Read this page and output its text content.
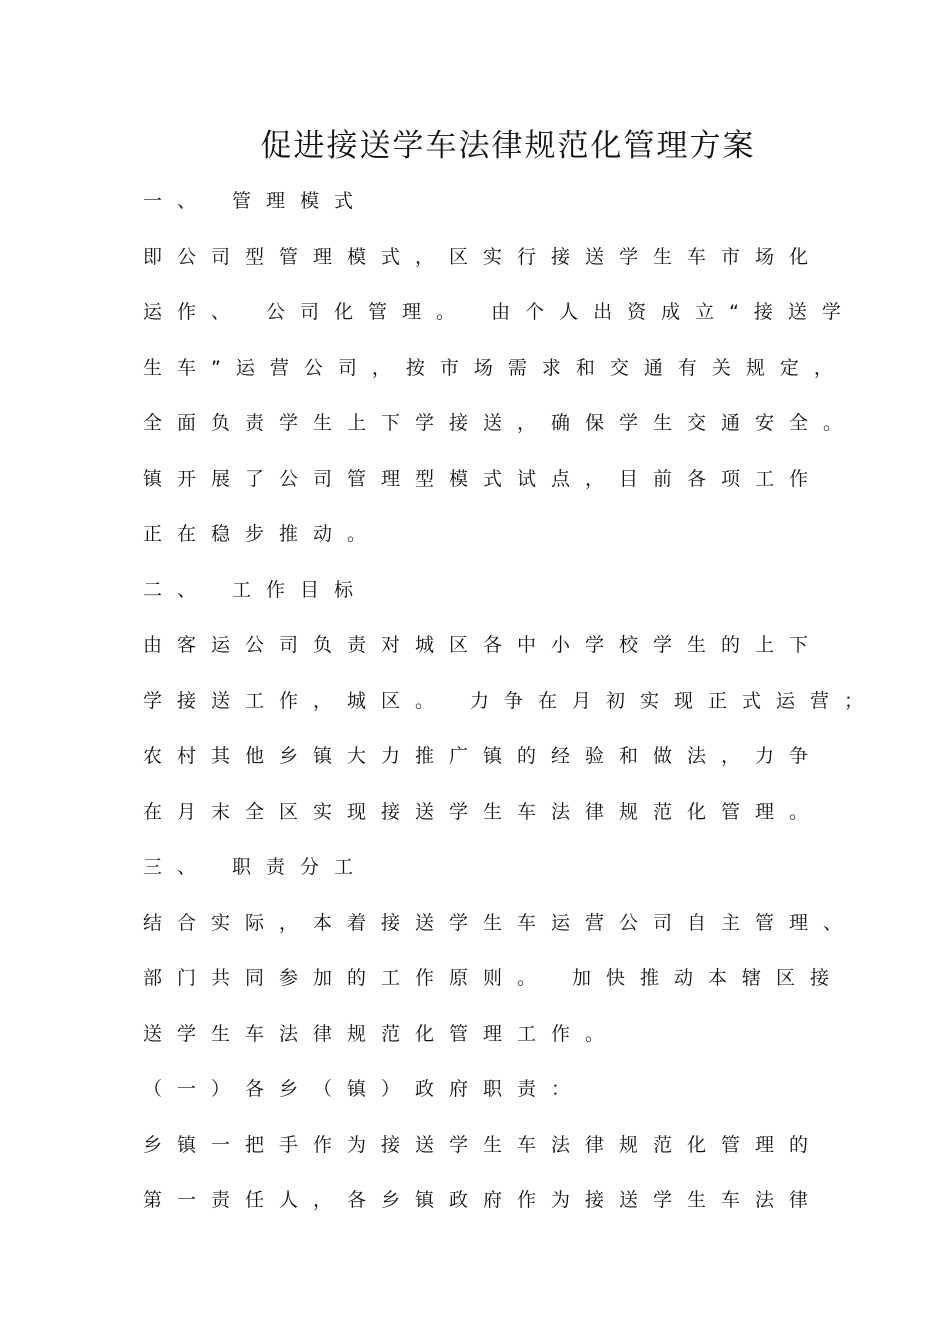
促进接送学车法律规范化管理方案
一、 管理模式
即公司型管理模式，区实行接送学生车市场化
运作、 公司化管理。 由个人出资成立“接送学
生车”运营公司，按市场需求和交通有关规定，
全面负责学生上下学接送，确保学生交通安全。
镇开展了公司管理型模式试点，目前各项工作
正在稳步推动。
二、 工作目标
由客运公司负责对城区各中小学校学生的上下
学接送工作，城区。 力争在月初实现正式运营；
农村其他乡镇大力推广镇的经验和做法，力争
在月末全区实现接送学生车法律规范化管理。
三、 职责分工
结合实际，本着接送学生车运营公司自主管理、
部门共同参加的工作原则。 加快推动本辖区接
送学生车法律规范化管理工作。
（一）各乡（镇）政府职责：
乡镇一把手作为接送学生车法律规范化管理的
第一责任人，各乡镇政府作为接送学生车法律
